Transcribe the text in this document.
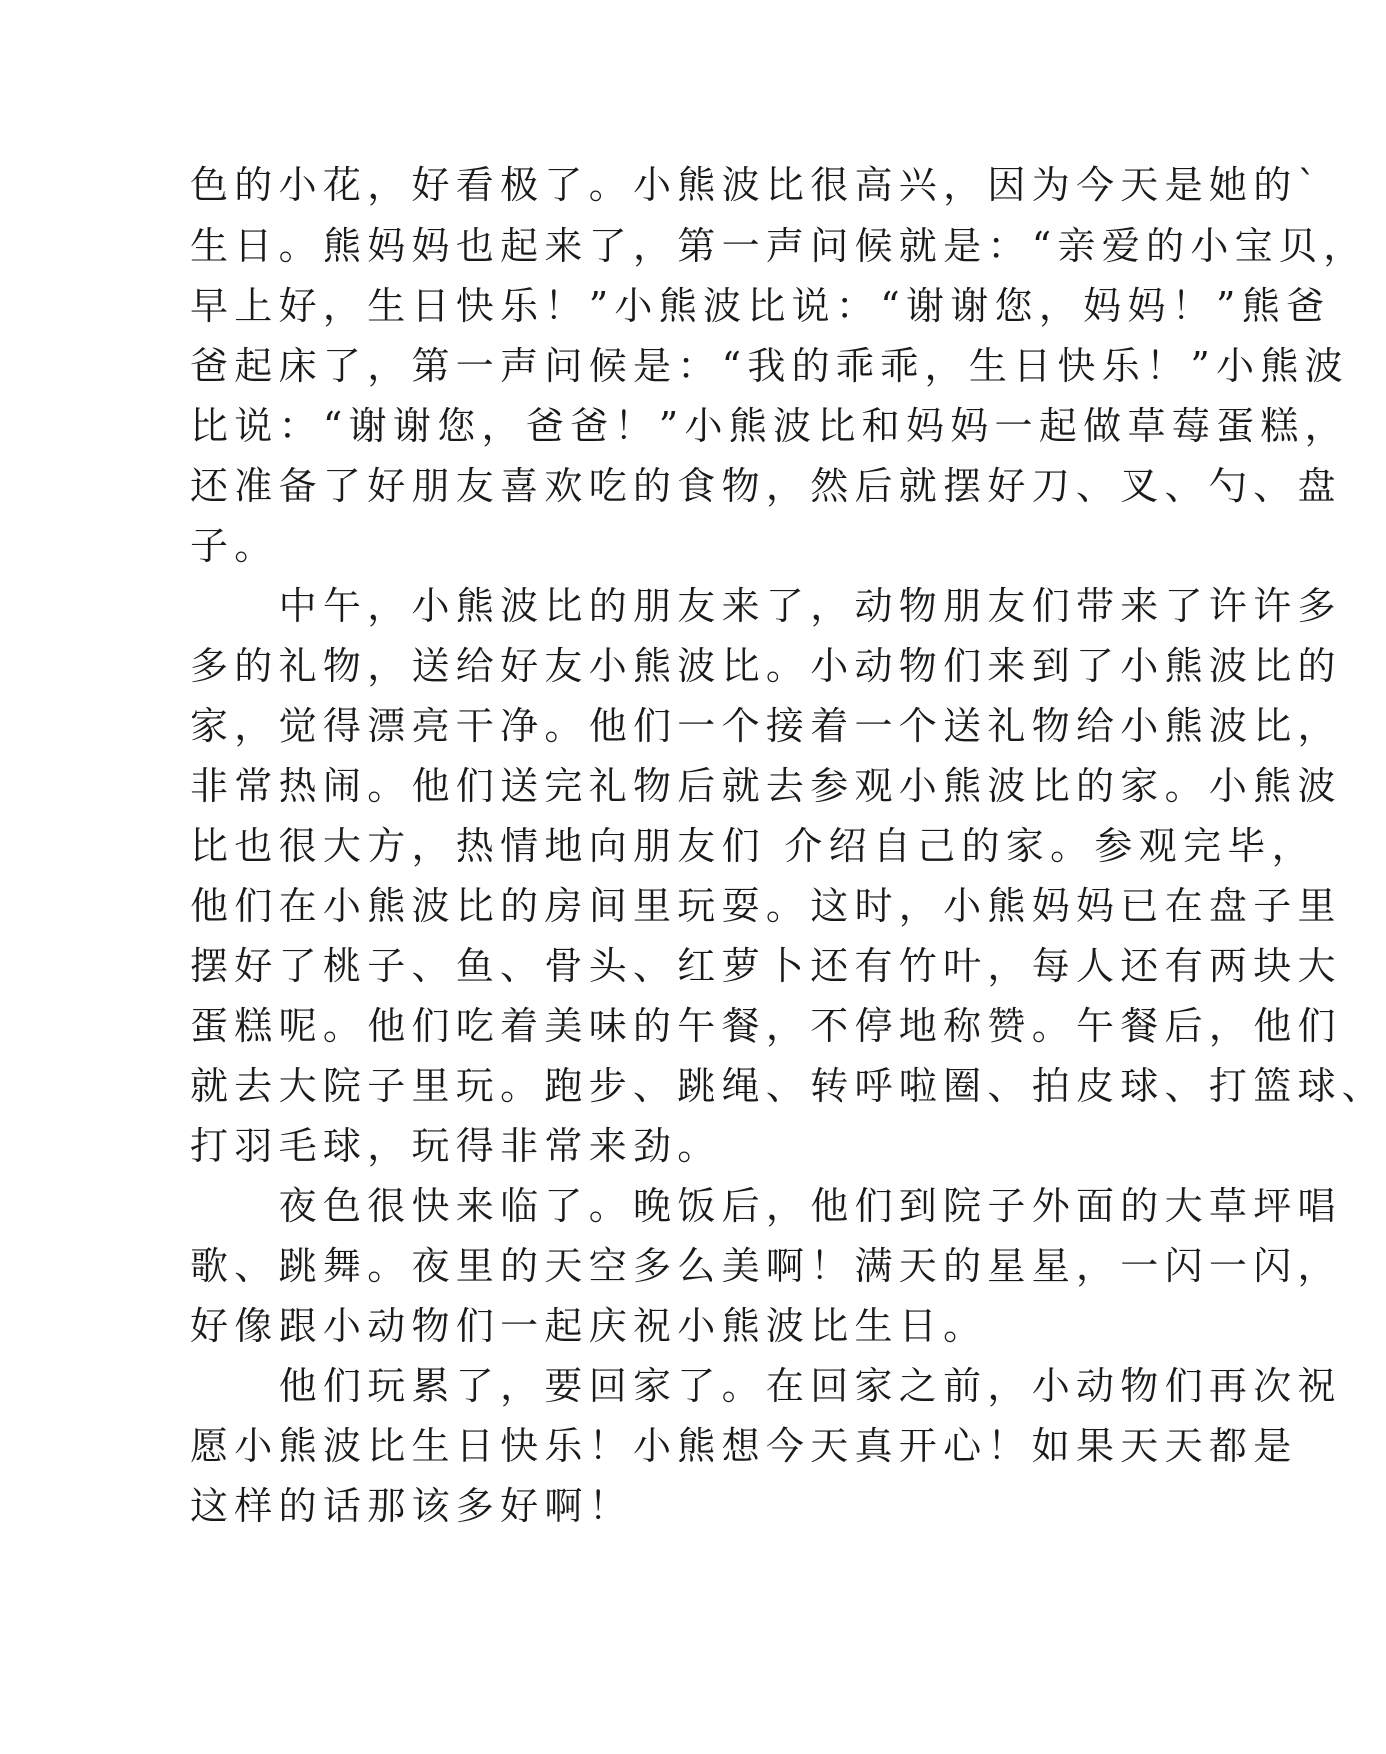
色的小花，好看极了。小熊波比很高兴，因为今天是她的`
生日。熊妈妈也起来了，第一声问候就是：“亲爱的小宝贝，
早上好，生日快乐！”小熊波比说：“谢谢您，妈妈！”熊爸
爸起床了，第一声问候是：“我的乖乖，生日快乐！”小熊波
比说：“谢谢您，爸爸！”小熊波比和妈妈一起做草莓蛋糕，
还准备了好朋友喜欢吃的食物，然后就摆好刀、叉、勺、盘
子。
　　中午，小熊波比的朋友来了，动物朋友们带来了许许多
多的礼物，送给好友小熊波比。小动物们来到了小熊波比的
家，觉得漂亮干净。他们一个接着一个送礼物给小熊波比，
非常热闹。他们送完礼物后就去参观小熊波比的家。小熊波
比也很大方，热情地向朋友们 介绍自己的家。参观完毕，
他们在小熊波比的房间里玩耍。这时，小熊妈妈已在盘子里
摆好了桃子、鱼、骨头、红萝卜还有竹叶，每人还有两块大
蛋糕呢。他们吃着美味的午餐，不停地称赞。午餐后，他们
就去大院子里玩。跑步、跳绳、转呼啦圈、拍皮球、打篮球、
打羽毛球，玩得非常来劲。
　　夜色很快来临了。晚饭后，他们到院子外面的大草坪唱
歌、跳舞。夜里的天空多么美啊！满天的星星，一闪一闪，
好像跟小动物们一起庆祝小熊波比生日。
　　他们玩累了，要回家了。在回家之前，小动物们再次祝
愿小熊波比生日快乐！小熊想今天真开心！如果天天都是
这样的话那该多好啊！
